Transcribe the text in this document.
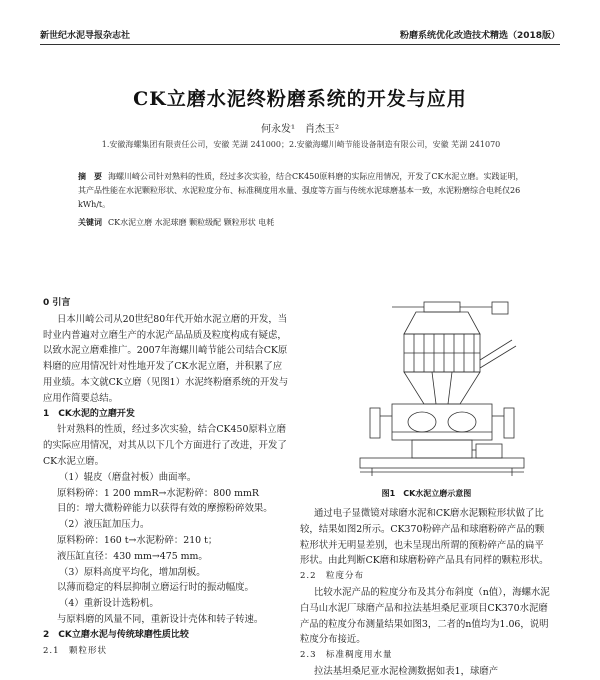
新世纪水泥导报杂志社	粉磨系统优化改造技术精选（2018版）
CK立磨水泥终粉磨系统的开发与应用
何永发¹　肖杰玉²
1.安徽海螺集团有限责任公司，安徽 芜湖 241000；2.安徽海螺川崎节能设备制造有限公司，安徽 芜湖 241070
摘　要 海螺川崎公司针对熟料的性质，经过多次实验，结合CK450原料磨的实际应用情况，开发了CK水泥立磨。实践证明，其产品性能在水泥颗粒形状、水泥粒度分布、标准稠度用水量、强度等方面与传统水泥球磨基本一致，水泥粉磨综合电耗仅26 kWh/t。
关键词 CK水泥立磨 水泥球磨 颗粒级配 颗粒形状 电耗

0 引言

日本川崎公司从20世纪80年代开始水泥立磨的开发，当时业内普遍对立磨生产的水泥产品品质及粒度构成有疑虑，以致水泥立磨难推广。2007年海螺川崎节能公司结合CK原料磨的应用情况针对性地开发了CK水泥立磨，并积累了应用业绩。本文就CK立磨（见图1）水泥终粉磨系统的开发与应用作简要总结。

1　CK水泥的立磨开发

针对熟料的性质，经过多次实验，结合CK450原料立磨的实际应用情况，对其从以下几个方面进行了改进，开发了CK水泥立磨。

（1）辊皮（磨盘衬板）曲面率。

原料粉碎：1 200 mmR→水泥粉碎：800 mmR

目的：增大微粉碎能力以获得有效的摩擦粉碎效果。

（2）液压缸加压力。

原料粉碎：160 t→水泥粉碎：210 t；

液压缸直径：430 mm→475 mm。

（3）原料高度平均化，增加刮板。

以薄而稳定的料层抑制立磨运行时的振动幅度。

（4）重新设计选粉机。

与原料磨的风量不同，重新设计壳体和转子转速。

2　CK立磨水泥与传统球磨性质比较

2.1　颗粒形状

图1　CK水泥立磨示意图

通过电子显微镜对球磨水泥和CK磨水泥颗粒形状做了比较，结果如图2所示。CK370粉碎产品和球磨粉碎产品的颗粒形状并无明显差别，也未呈现出所谓的预粉碎产品的扁平形状。由此判断CK磨和球磨粉碎产品具有同样的颗粒形状。

2.2　粒度分布

比较水泥产品的粒度分布及其分布斜度（n值），海螺水泥白马山水泥厂球磨产品和拉法基坦桑尼亚项目CK370水泥磨产品的粒度分布测量结果如图3，二者的n值均为1.06，说明粒度分布接近。

2.3　标准稠度用水量

拉法基坦桑尼亚水泥检测数据如表1，球磨产
